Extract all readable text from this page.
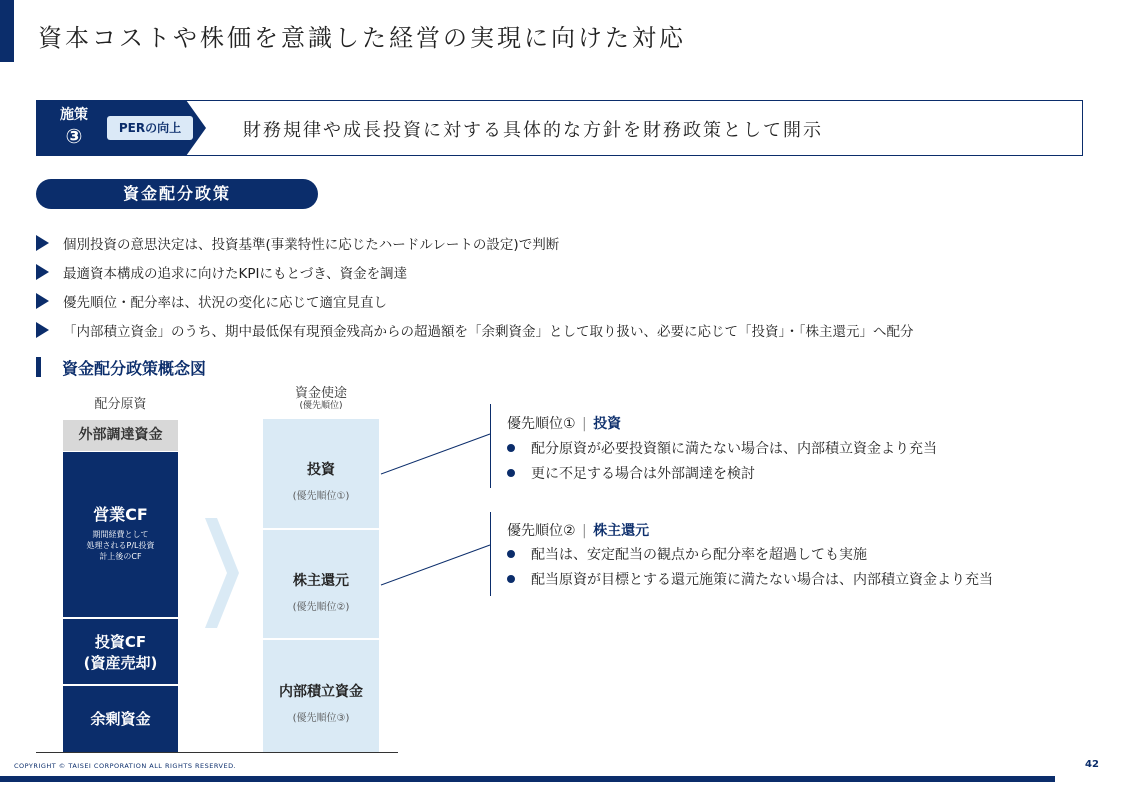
資本コストや株価を意識した経営の実現に向けた対応
施策
③	PERの向上	財務規律や成長投資に対する具体的な方針を財務政策として開示
資金配分政策
個別投資の意思決定は、投資基準(事業特性に応じたハードルレートの設定)で判断
最適資本構成の追求に向けたKPIにもとづき、資金を調達
優先順位・配分率は、状況の変化に応じて適宜見直し
「内部積立資金」のうち、期中最低保有現預金残高からの超過額を「余剰資金」として取り扱い、必要に応じて「投資」・「株主還元」へ配分
資金配分政策概念図
配分原資
外部調達資金
営業CF
期間経費として
処理されるP/L投資
計上後のCF
投資CF
(資産売却)
余剰資金
資金使途
(優先順位)
投資
(優先順位①)
株主還元
(優先順位②)
内部積立資金
(優先順位③)
優先順位① | 投資
配分原資が必要投資額に満たない場合は、内部積立資金より充当
更に不足する場合は外部調達を検討
優先順位② | 株主還元
配当は、安定配当の観点から配分率を超過しても実施
配当原資が目標とする還元施策に満たない場合は、内部積立資金より充当
COPYRIGHT © TAISEI CORPORATION ALL RIGHTS RESERVED.	42
